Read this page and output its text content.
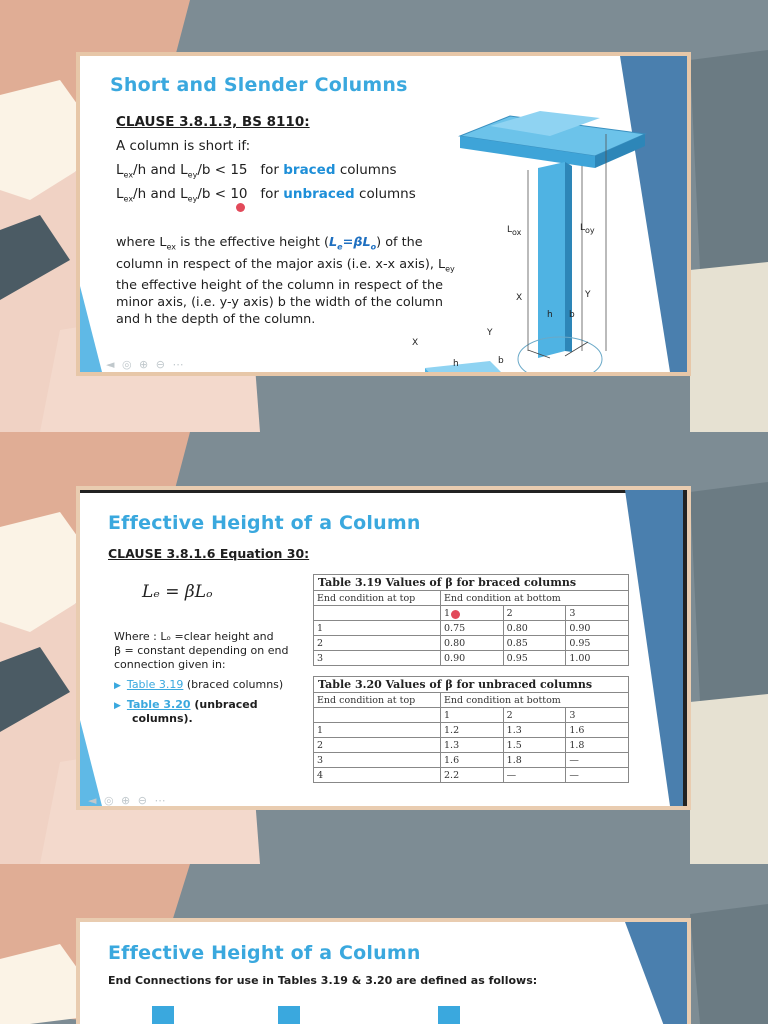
Short and Slender Columns
CLAUSE 3.8.1.3, BS 8110:
A column is short if:
$L_{ex}/h$ and $L_{ey}/b < 15$ for braced columns
$L_{ex}/h$ and $L_{ey}/b < 10$ for unbraced columns
where $L_{ex}$ is the effective height $(L_e=\beta L_o)$ of the column in respect of the major axis (i.e. x-x axis), $L_{ey}$ the effective height of the column in respect of the minor axis, (i.e. y-y axis) b the width of the column and h the depth of the column.
$L_{ox}$	$L_{oy}$
X	Y
h b
X
Y
h	b
◄ ◎ ⊕ ⊖ ⋯
Effective Height of a Column
CLAUSE 3.8.1.6 Equation 30:
Lₑ = βLₒ
Where : Lₒ =clear height and
β = constant depending on end
connection given in:
▶ Table 3.19 (braced columns)
▶ Table 3.20 (unbraced
columns).
Table 3.19 Values of β for braced columns
End condition at top	End condition at bottom		
	1	2	3
1	0.75	0.80	0.90
2	0.80	0.85	0.95
3	0.90	0.95	1.00
Table 3.20 Values of β for unbraced columns
End condition at top	End condition at bottom		
	1	2	3
1	1.2	1.3	1.6
2	1.3	1.5	1.8
3	1.6	1.8	—
4	2.2	—	—
◄ ◎ ⊕ ⊖ ⋯
Effective Height of a Column
End Connections for use in Tables 3.19 & 3.20 are defined as follows:
